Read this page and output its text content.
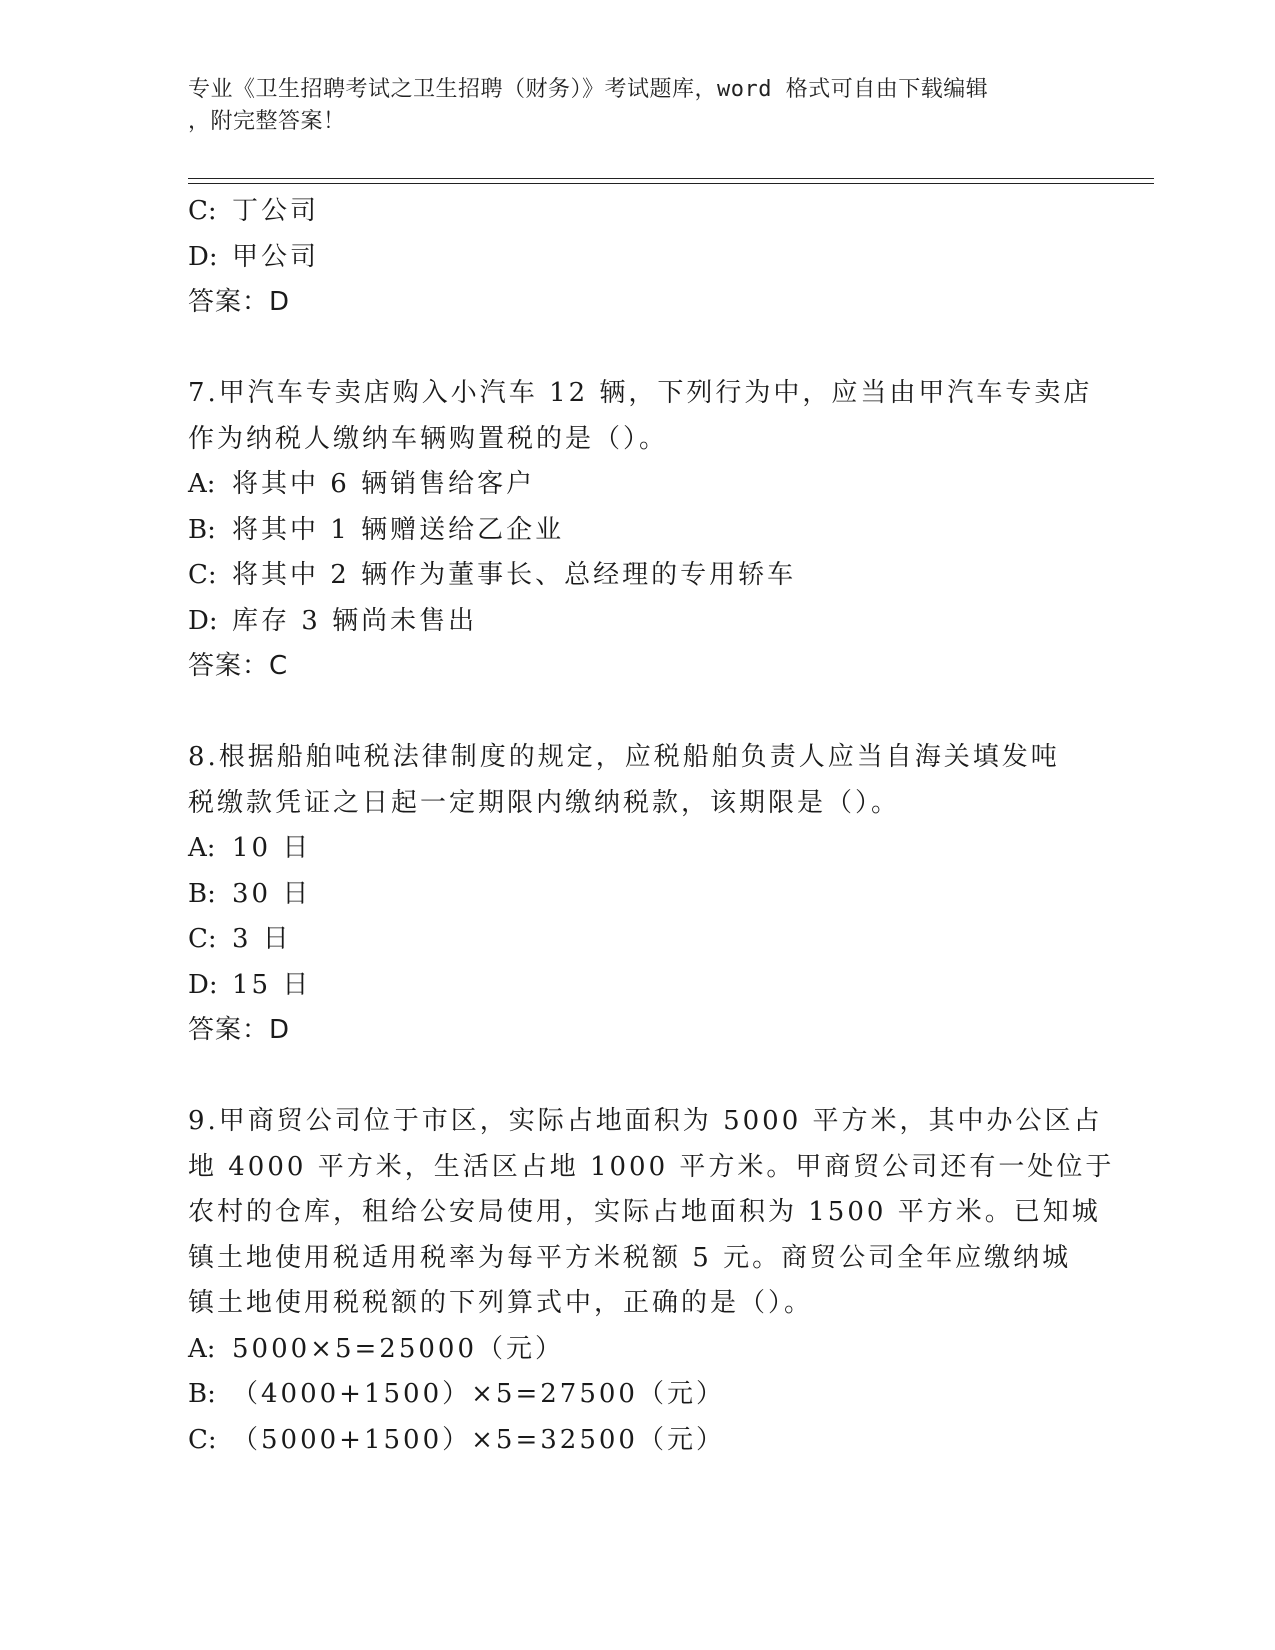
专业《卫生招聘考试之卫生招聘（财务）》考试题库，word 格式可自由下载编辑
，附完整答案！
C: 丁公司
D: 甲公司
答案：D
7.甲汽车专卖店购入小汽车 12 辆，下列行为中，应当由甲汽车专卖店
作为纳税人缴纳车辆购置税的是（）。
A: 将其中 6 辆销售给客户
B: 将其中 1 辆赠送给乙企业
C: 将其中 2 辆作为董事长、总经理的专用轿车
D: 库存 3 辆尚未售出
答案：C
8.根据船舶吨税法律制度的规定，应税船舶负责人应当自海关填发吨
税缴款凭证之日起一定期限内缴纳税款，该期限是（）。
A: 10 日
B: 30 日
C: 3 日
D: 15 日
答案：D
9.甲商贸公司位于市区，实际占地面积为 5000 平方米，其中办公区占
地 4000 平方米，生活区占地 1000 平方米。甲商贸公司还有一处位于
农村的仓库，租给公安局使用，实际占地面积为 1500 平方米。已知城
镇土地使用税适用税率为每平方米税额 5 元。商贸公司全年应缴纳城
镇土地使用税税额的下列算式中，正确的是（）。
A: 5000×5=25000（元）
B: （4000+1500）×5=27500（元）
C: （5000+1500）×5=32500（元）
